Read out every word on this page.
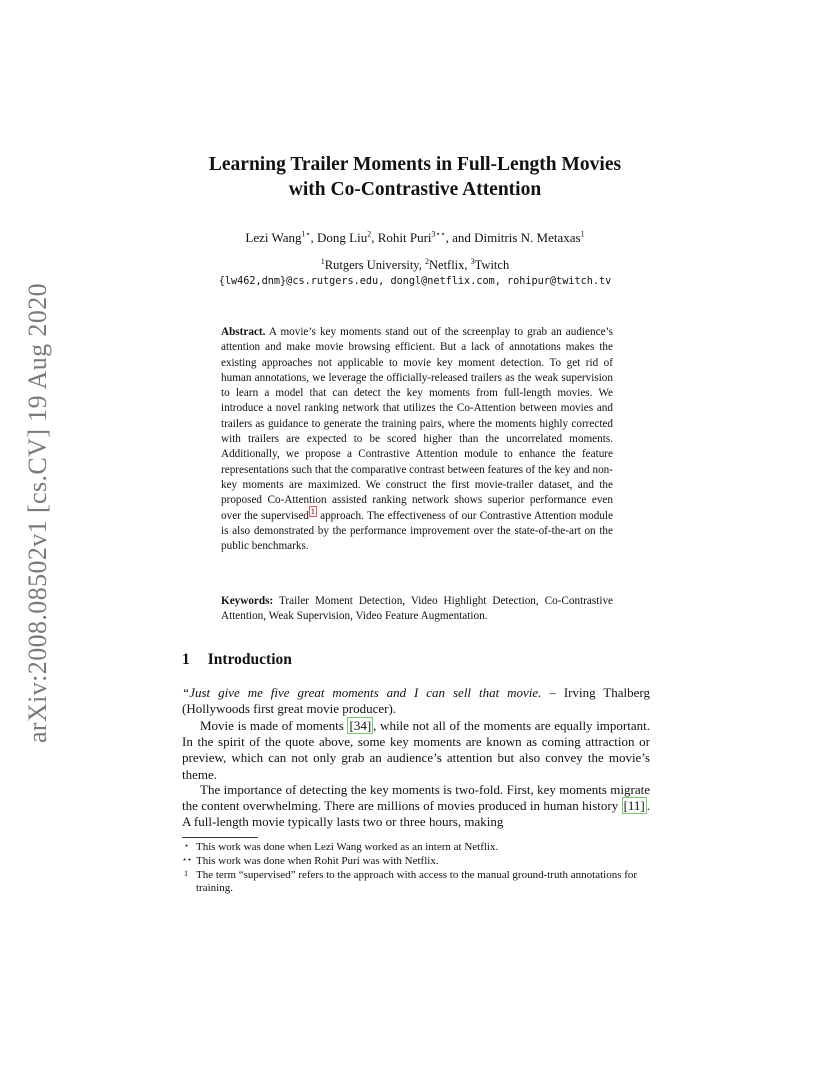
arXiv:2008.08502v1 [cs.CV] 19 Aug 2020
Learning Trailer Moments in Full-Length Movies
with Co-Contrastive Attention
Lezi Wang$^{1⋆}$, Dong Liu$^2$, Rohit Puri$^{3⋆⋆}$, and Dimitris N. Metaxas$^1$
$^1$Rutgers University, $^2$Netflix, $^3$Twitch
{lw462,dnm}@cs.rutgers.edu, dongl@netflix.com, rohipur@twitch.tv
Abstract. A movie’s key moments stand out of the screenplay to grab an audience’s attention and make movie browsing efficient. But a lack of annotations makes the existing approaches not applicable to movie key moment detection. To get rid of human annotations, we leverage the officially-released trailers as the weak supervision to learn a model that can detect the key moments from full-length movies. We introduce a novel ranking network that utilizes the Co-Attention between movies and trailers as guidance to generate the training pairs, where the moments highly corrected with trailers are expected to be scored higher than the uncorrelated moments. Additionally, we propose a Contrastive Attention module to enhance the feature representations such that the comparative contrast between features of the key and non-key moments are maximized. We construct the first movie-trailer dataset, and the proposed Co-Attention assisted ranking network shows superior performance even over the supervised $^1$ approach. The effectiveness of our Contrastive Attention module is also demonstrated by the performance improvement over the state-of-the-art on the public benchmarks.
Keywords: Trailer Moment Detection, Video Highlight Detection, Co-Contrastive Attention, Weak Supervision, Video Feature Augmentation.
1 Introduction
“Just give me five great moments and I can sell that movie. – Irving Thalberg (Hollywoods first great movie producer).
Movie is made of moments [34] , while not all of the moments are equally important. In the spirit of the quote above, some key moments are known as coming attraction or preview, which can not only grab an audience’s attention but also convey the movie’s theme.
The importance of detecting the key moments is two-fold. First, key moments migrate the content overwhelming. There are millions of movies produced in human history [11] . A full-length movie typically lasts two or three hours, making
⋆ This work was done when Lezi Wang worked as an intern at Netflix.
⋆⋆ This work was done when Rohit Puri was with Netflix.
1 The term “supervised” refers to the approach with access to the manual ground-truth annotations for training.
